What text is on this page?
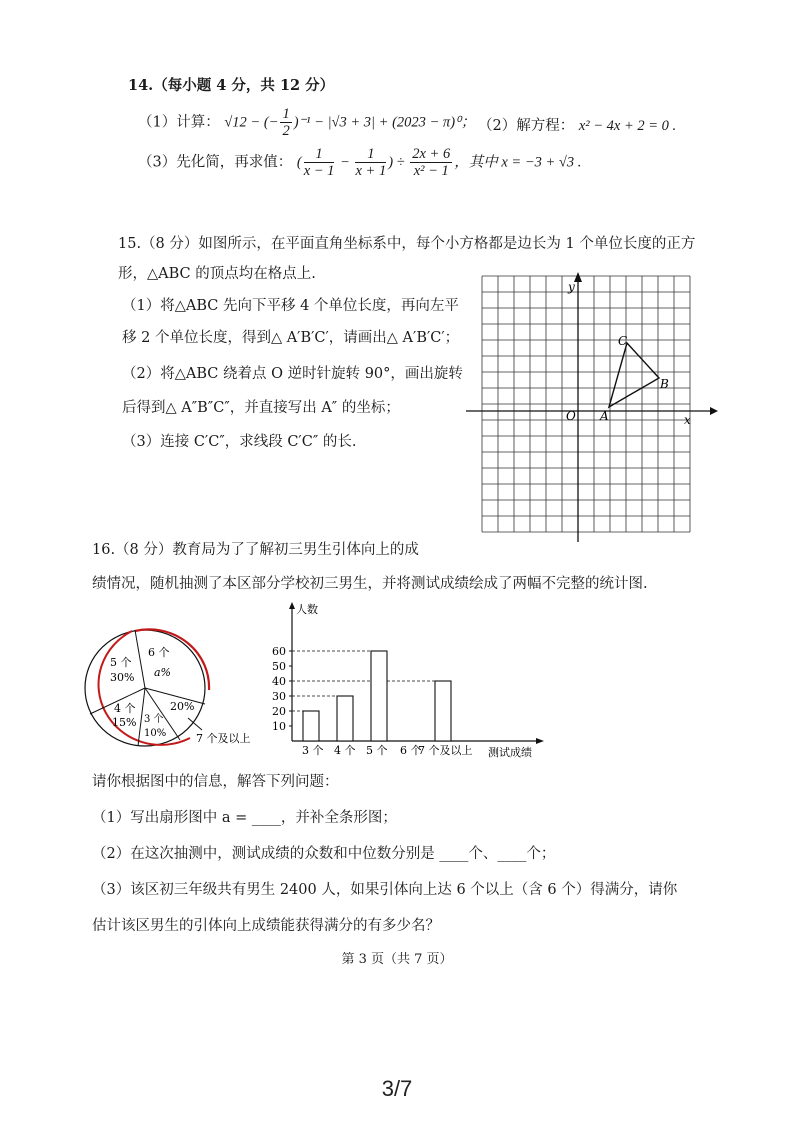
14.（每小题 4 分，共 12 分）
（1）计算： √12 − (− $\frac{1}{2} )^{-1} - |√3 + 3| + (2023 - \pi)^0$； （2）解方程： x² − 4x + 2 = 0 .
（3）先化简，再求值： ( $\frac{1}{x - 1} - \frac{1}{x + 1}$ ) ÷ $\frac{2x + 6}{\text{x² − 1}}$ ，其中 x = −3 + √3 .
15.（8 分）如图所示，在平面直角坐标系中，每个小方格都是边长为 1 个单位长度的正方
形，△ABC 的顶点均在格点上.
（1）将△ABC 先向下平移 4 个单位长度，再向左平
移 2 个单位长度，得到△ A′B′C′，请画出△ A′B′C′；
（2）将△ABC 绕着点 O 逆时针旋转 90°，画出旋转
后得到△ A″B″C″，并直接写出 A″ 的坐标；
（3）连接 C′C″，求线段 C′C″ 的长.
y
x
O A
B
C
16.（8 分）教育局为了了解初三男生引体向上的成
绩情况，随机抽测了本区部分学校初三男生，并将测试成绩绘成了两幅不完整的统计图.
5 个
30%
6 个
a%
20%
3 个
10%
4 个
15%
7 个及以上
人数
测试成绩
10
20
30
40
50
60
3 个 4 个 5 个 6 个
7 个及以上
请你根据图中的信息，解答下列问题：
（1）写出扇形图中 a = ____，并补全条形图；
（2）在这次抽测中，测试成绩的众数和中位数分别是 ____个、____个；
（3）该区初三年级共有男生 2400 人，如果引体向上达 6 个以上（含 6 个）得满分，请你
估计该区男生的引体向上成绩能获得满分的有多少名？
第 3 页（共 7 页）
3/7
